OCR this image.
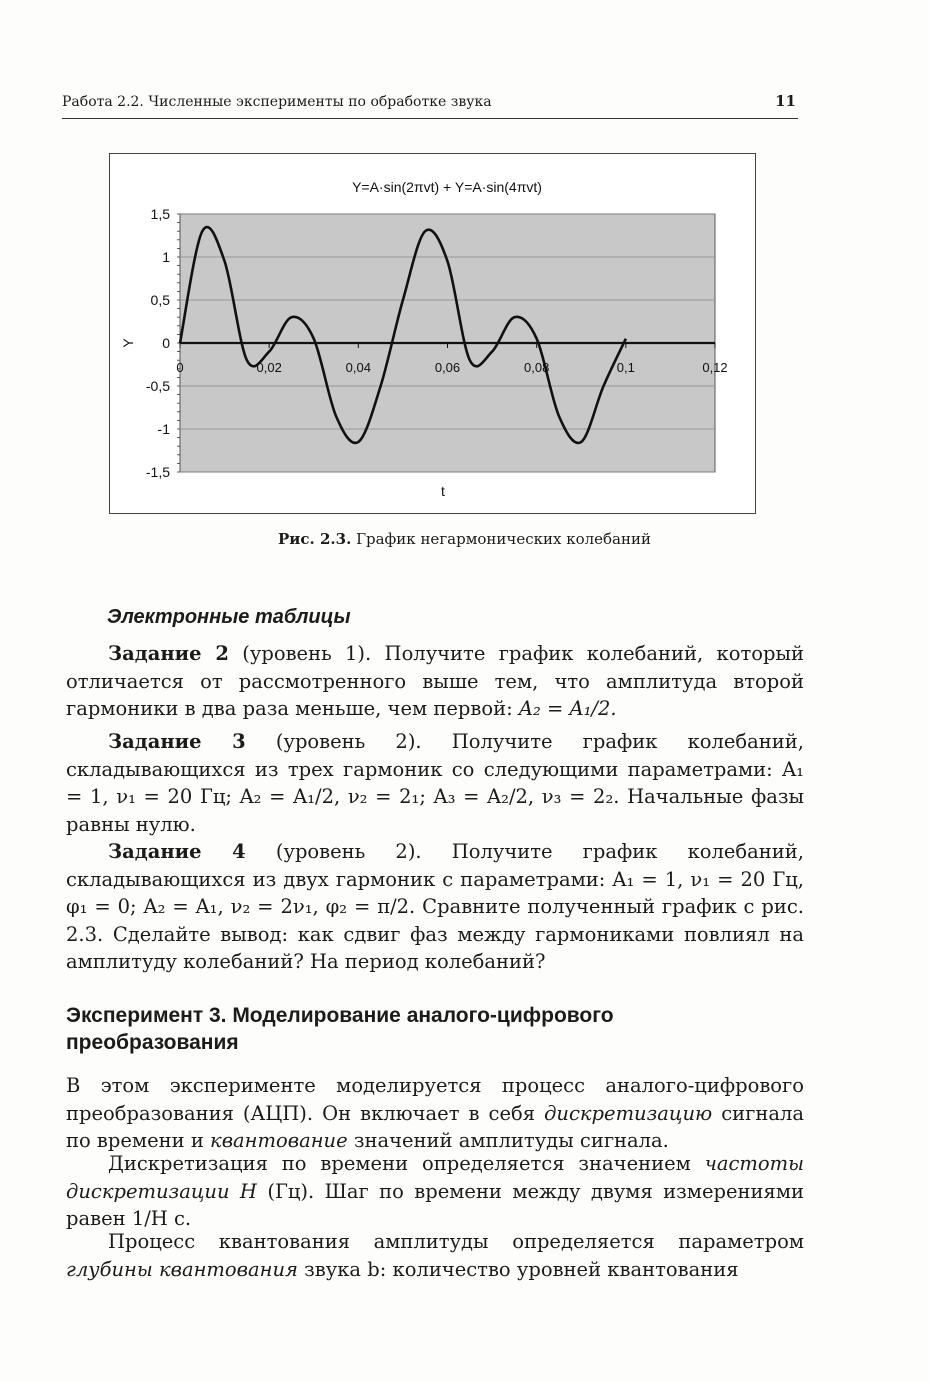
Работа 2.2. Численные эксперименты по обработке звука	11
1,5
1
0,5
0
-0,5
-1
-1,5
0	0,02	0,04	0,06	0,08	0,1	0,12
Y=A·sin(2πvt) + Y=A·sin(4πvt)
t
Y
Рис. 2.3. График негармонических колебаний
Электронные таблицы
Задание 2 (уровень 1). Получите график колебаний, который отличается от рассмотренного выше тем, что амплитуда второй гармоники в два раза меньше, чем первой: A₂ = A₁/2.
Задание 3 (уровень 2). Получите график колебаний, складывающихся из трех гармоник со следующими параметрами: A₁ = 1, ν₁ = 20 Гц; A₂ = A₁/2, ν₂ = 2₁; A₃ = A₂/2, ν₃ = 2₂. Начальные фазы равны нулю.
Задание 4 (уровень 2). Получите график колебаний, складывающихся из двух гармоник с параметрами: A₁ = 1, ν₁ = 20 Гц, φ₁ = 0; A₂ = A₁, ν₂ = 2ν₁, φ₂ = π/2. Сравните полученный график с рис. 2.3. Сделайте вывод: как сдвиг фаз между гармониками повлиял на амплитуду колебаний? На период колебаний?
Эксперимент 3. Моделирование аналого-цифрового преобразования
В этом эксперименте моделируется процесс аналого-цифрового преобразования (АЦП). Он включает в себя дискретизацию сигнала по времени и квантование значений амплитуды сигнала.
Дискретизация по времени определяется значением частоты дискретизации H (Гц). Шаг по времени между двумя измерениями равен 1/H с.
Процесс квантования амплитуды определяется параметром глубины квантования звука b: количество уровней квантования
